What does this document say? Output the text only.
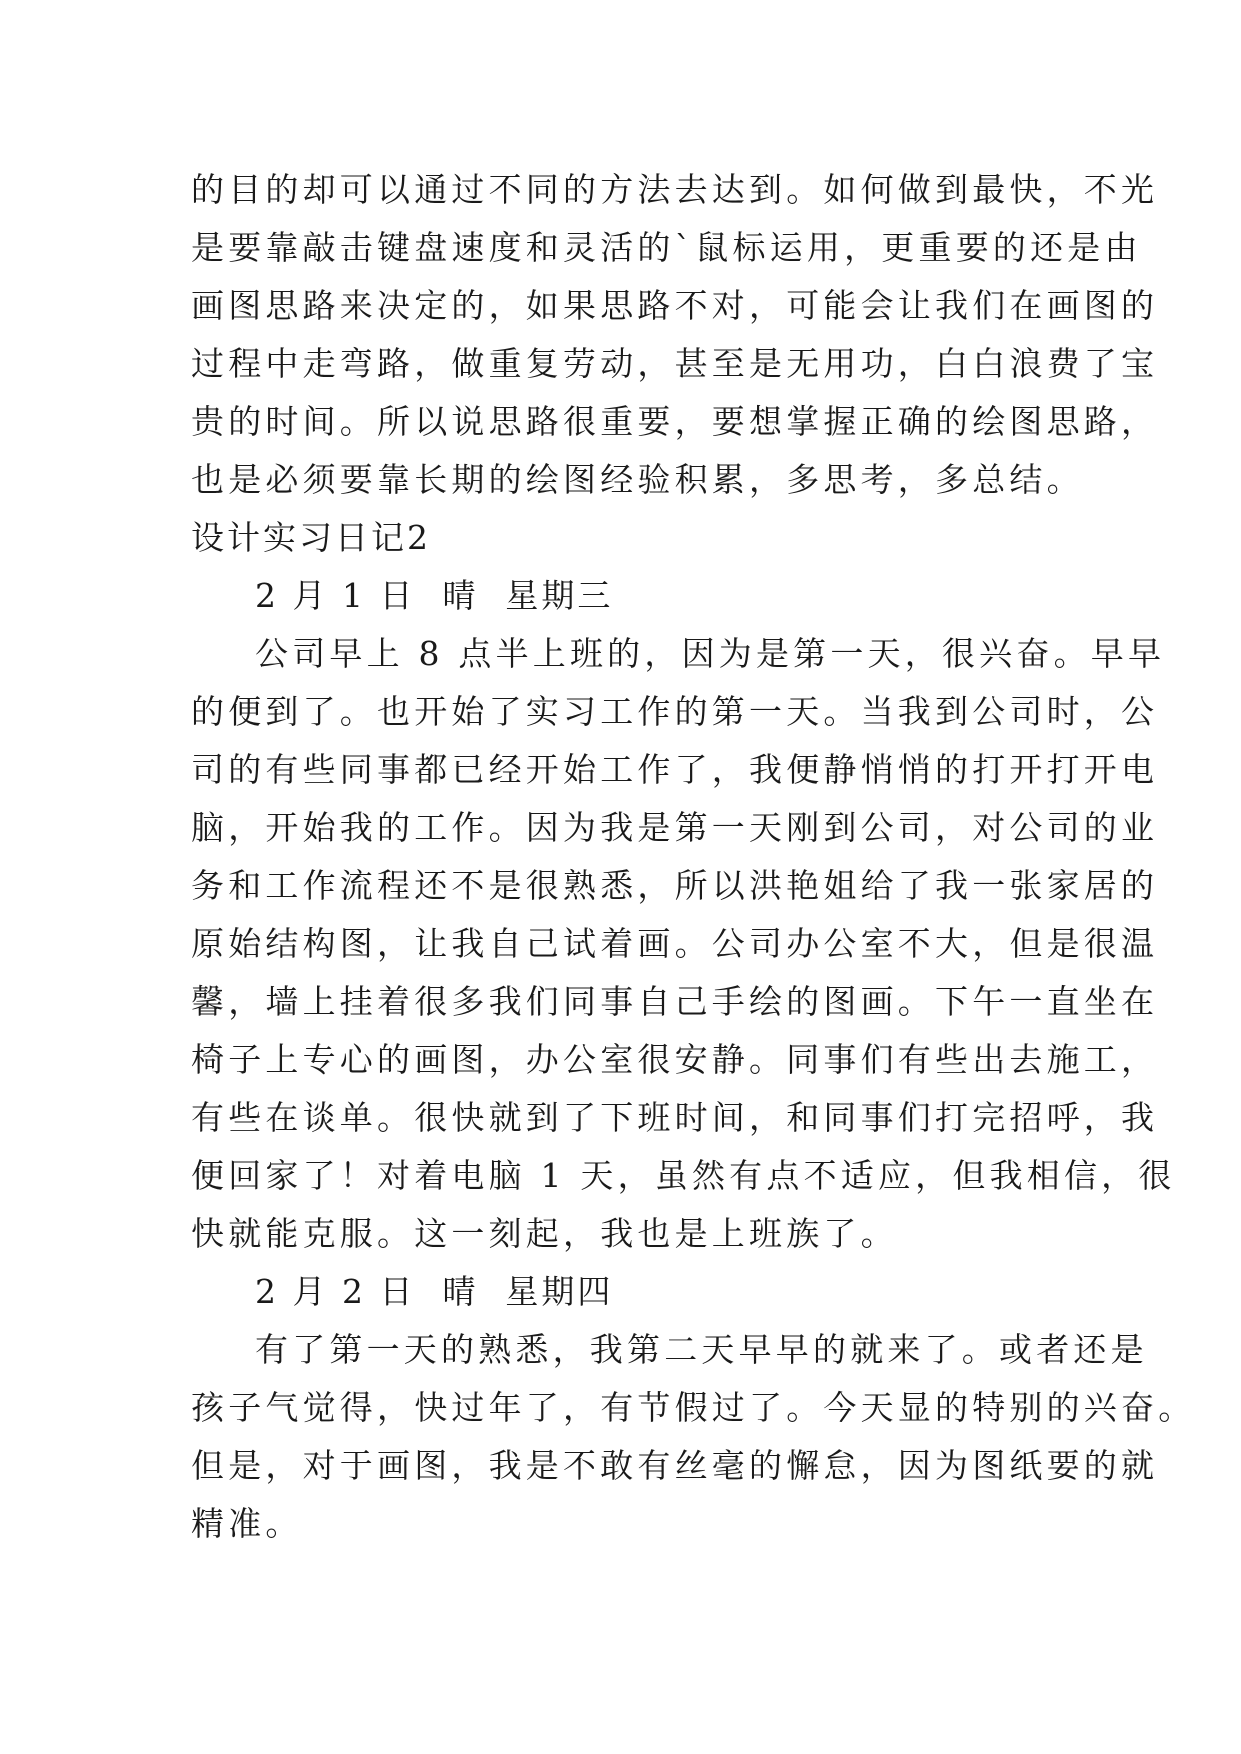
的目的却可以通过不同的方法去达到。如何做到最快，不光
是要靠敲击键盘速度和灵活的`鼠标运用，更重要的还是由
画图思路来决定的，如果思路不对，可能会让我们在画图的
过程中走弯路，做重复劳动，甚至是无用功，白白浪费了宝
贵的时间。所以说思路很重要，要想掌握正确的绘图思路，
也是必须要靠长期的绘图经验积累，多思考，多总结。
设计实习日记2
2 月 1 日  晴  星期三
公司早上 8 点半上班的，因为是第一天，很兴奋。早早
的便到了。也开始了实习工作的第一天。当我到公司时，公
司的有些同事都已经开始工作了，我便静悄悄的打开打开电
脑，开始我的工作。因为我是第一天刚到公司，对公司的业
务和工作流程还不是很熟悉，所以洪艳姐给了我一张家居的
原始结构图，让我自己试着画。公司办公室不大，但是很温
馨，墙上挂着很多我们同事自己手绘的图画。下午一直坐在
椅子上专心的画图，办公室很安静。同事们有些出去施工，
有些在谈单。很快就到了下班时间，和同事们打完招呼，我
便回家了！对着电脑 1 天，虽然有点不适应，但我相信，很
快就能克服。这一刻起，我也是上班族了。
2 月 2 日  晴  星期四
有了第一天的熟悉，我第二天早早的就来了。或者还是
孩子气觉得，快过年了，有节假过了。今天显的特别的兴奋。
但是，对于画图，我是不敢有丝毫的懈怠，因为图纸要的就
精准。
